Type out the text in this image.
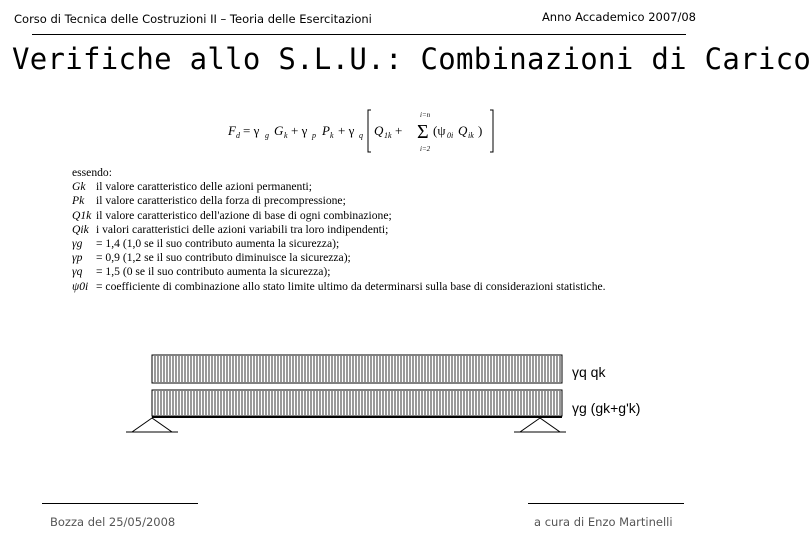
Corso di Tecnica delle Costruzioni II – Teoria delle Esercitazioni	Anno Accademico 2007/08
Verifiche allo S.L.U.: Combinazioni di Carico
F d = γ g G k + γ p P k + γ q Q 1k +
i=n
Σ
i=2
(ψ 0i Q ik )
essendo:
Gk il valore caratteristico delle azioni permanenti;
Pk	il valore caratteristico della forza di precompressione;
Q1k il valore caratteristico dell'azione di base di ogni combinazione;
Qik i valori caratteristici delle azioni variabili tra loro indipendenti;
γg	= 1,4 (1,0 se il suo contributo aumenta la sicurezza);
γp	= 0,9 (1,2 se il suo contributo diminuisce la sicurezza);
γq	= 1,5 (0 se il suo contributo aumenta la sicurezza);
ψ0i = coefficiente di combinazione allo stato limite ultimo da determinarsi sulla base di considerazioni statistiche.
γq qk
γg (gk+g'k)
Bozza del 25/05/2008	a cura di Enzo Martinelli
